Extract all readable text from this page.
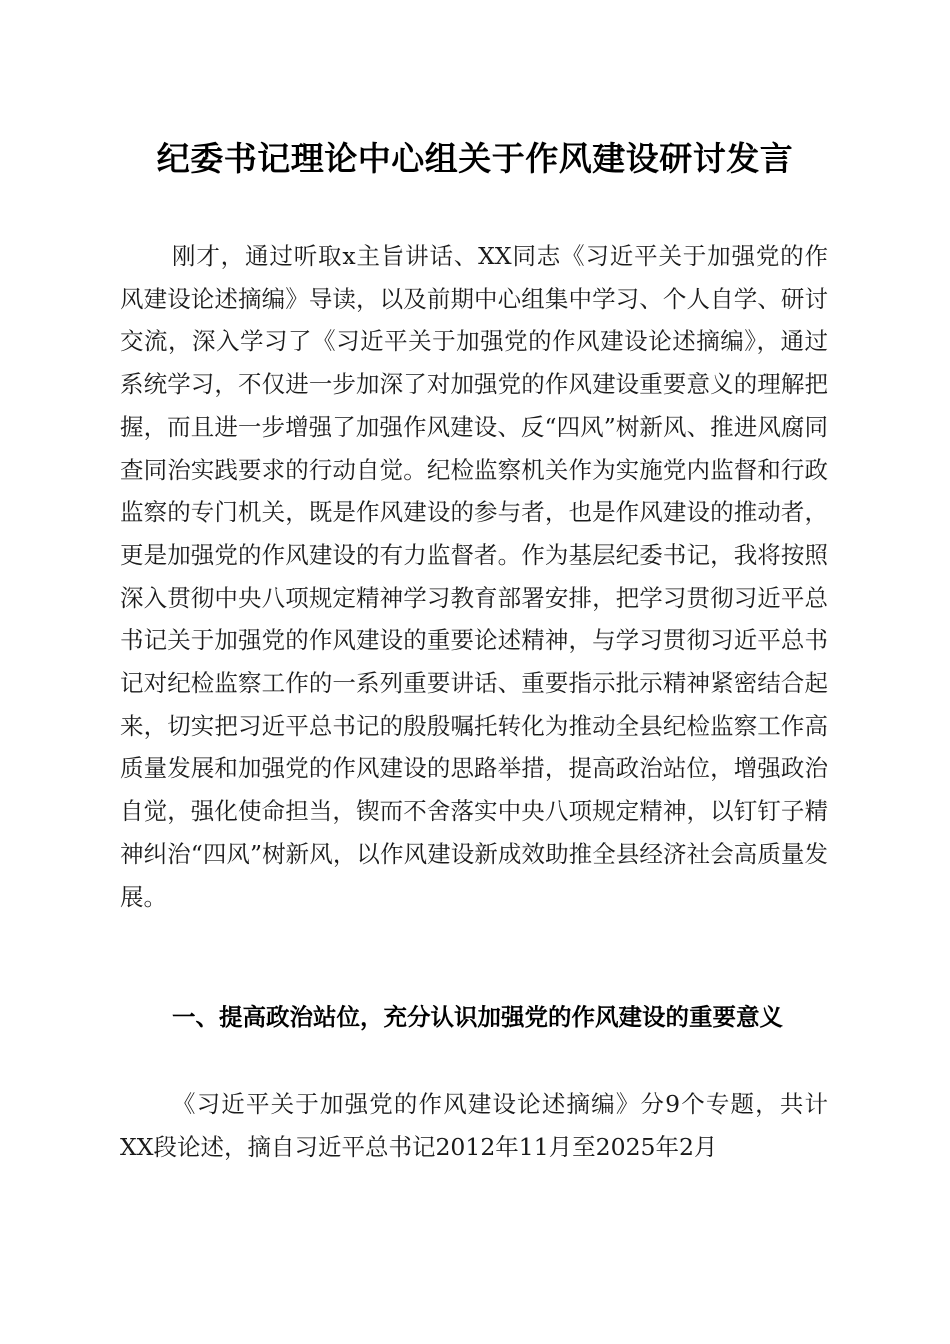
纪委书记理论中心组关于作风建设研讨发言
刚才，通过听取x主旨讲话、XX同志《习近平关于加强党的作风建设论述摘编》导读，以及前期中心组集中学习、个人自学、研讨交流，深入学习了《习近平关于加强党的作风建设论述摘编》，通过系统学习，不仅进一步加深了对加强党的作风建设重要意义的理解把握，而且进一步增强了加强作风建设、反“四风”树新风、推进风腐同查同治实践要求的行动自觉。纪检监察机关作为实施党内监督和行政监察的专门机关，既是作风建设的参与者，也是作风建设的推动者，更是加强党的作风建设的有力监督者。作为基层纪委书记，我将按照深入贯彻中央八项规定精神学习教育部署安排，把学习贯彻习近平总书记关于加强党的作风建设的重要论述精神，与学习贯彻习近平总书记对纪检监察工作的一系列重要讲话、重要指示批示精神紧密结合起来，切实把习近平总书记的殷殷嘱托转化为推动全县纪检监察工作高质量发展和加强党的作风建设的思路举措，提高政治站位，增强政治自觉，强化使命担当，锲而不舍落实中央八项规定精神，以钉钉子精神纠治“四风”树新风，以作风建设新成效助推全县经济社会高质量发展。
一、提高政治站位，充分认识加强党的作风建设的重要意义
《习近平关于加强党的作风建设论述摘编》分9个专题，共计XX段论述，摘自习近平总书记2012年11月至2025年2月
